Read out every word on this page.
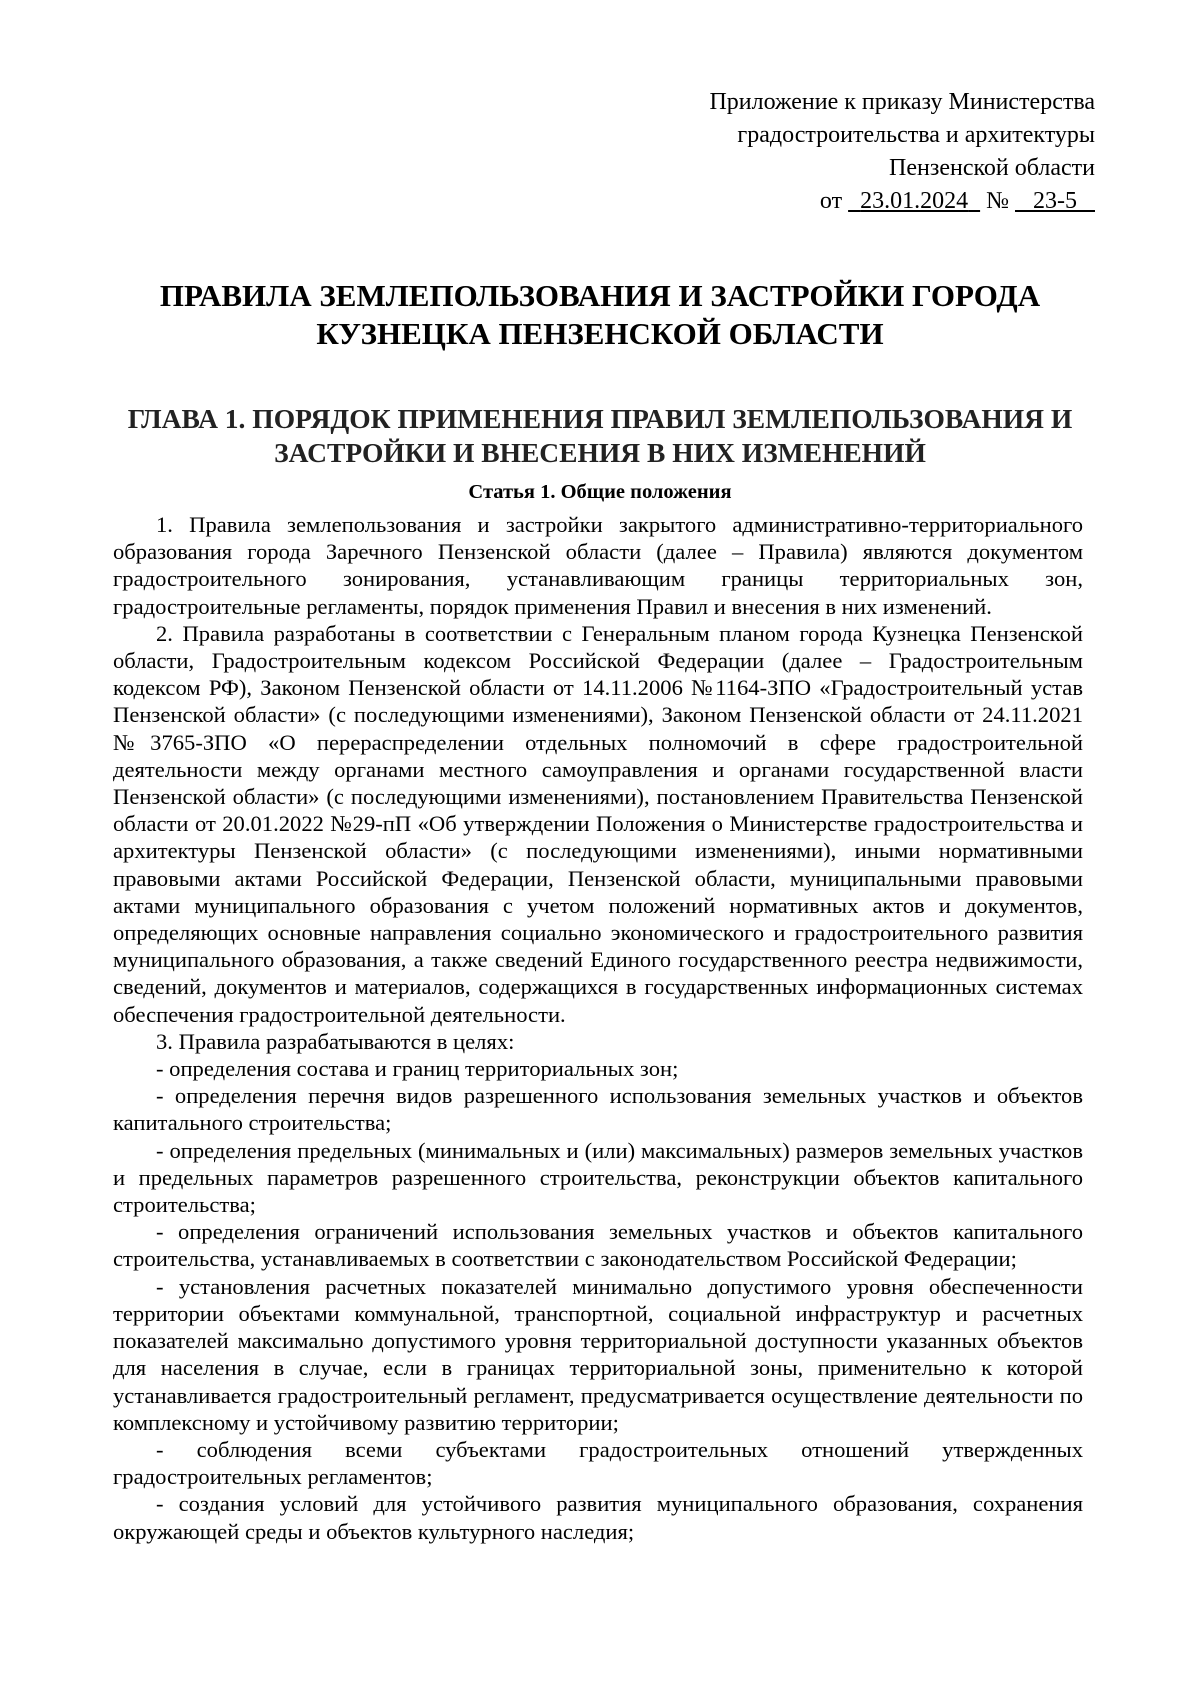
Приложение к приказу Министерства
градостроительства и архитектуры
Пензенской области
от 23.01.2024 № 23-5
ПРАВИЛА ЗЕМЛЕПОЛЬЗОВАНИЯ И ЗАСТРОЙКИ ГОРОДА
КУЗНЕЦКА ПЕНЗЕНСКОЙ ОБЛАСТИ
ГЛАВА 1. ПОРЯДОК ПРИМЕНЕНИЯ ПРАВИЛ ЗЕМЛЕПОЛЬЗОВАНИЯ И
ЗАСТРОЙКИ И ВНЕСЕНИЯ В НИХ ИЗМЕНЕНИЙ
Статья 1. Общие положения

1. Правила землепользования и застройки закрытого административно-территориального образования города Заречного Пензенской области (далее – Правила) являются документом градостроительного зонирования, устанавливающим границы территориальных зон, градостроительные регламенты, порядок применения Правил и внесения в них изменений.

2. Правила разработаны в соответствии с Генеральным планом города Кузнецка Пензенской области, Градостроительным кодексом Российской Федерации (далее – Градостроительным кодексом РФ), Законом Пензенской области от 14.11.2006 №1164-ЗПО «Градостроительный устав Пензенской области» (с последующими изменениями), Законом Пензенской области от 24.11.2021 №3765-ЗПО «О перераспределении отдельных полномочий в сфере градостроительной деятельности между органами местного самоуправления и органами государственной власти Пензенской области» (с последующими изменениями), постановлением Правительства Пензенской области от 20.01.2022 №29-пП «Об утверждении Положения о Министерстве градостроительства и архитектуры Пензенской области» (с последующими изменениями), иными нормативными правовыми актами Российской Федерации, Пензенской области, муниципальными правовыми актами муниципального образования с учетом положений нормативных актов и документов, определяющих основные направления социально экономического и градостроительного развития муниципального образования, а также сведений Единого государственного реестра недвижимости, сведений, документов и материалов, содержащихся в государственных информационных системах обеспечения градостроительной деятельности.

3. Правила разрабатываются в целях:

- определения состава и границ территориальных зон;

- определения перечня видов разрешенного использования земельных участков и объектов капитального строительства;

- определения предельных (минимальных и (или) максимальных) размеров земельных участков и предельных параметров разрешенного строительства, реконструкции объектов капитального строительства;

- определения ограничений использования земельных участков и объектов капитального строительства, устанавливаемых в соответствии с законодательством Российской Федерации;

- установления расчетных показателей минимально допустимого уровня обеспеченности территории объектами коммунальной, транспортной, социальной инфраструктур и расчетных показателей максимально допустимого уровня территориальной доступности указанных объектов для населения в случае, если в границах территориальной зоны, применительно к которой устанавливается градостроительный регламент, предусматривается осуществление деятельности по комплексному и устойчивому развитию территории;

- соблюдения всеми субъектами градостроительных отношений утвержденных градостроительных регламентов;

- создания условий для устойчивого развития муниципального образования, сохранения окружающей среды и объектов культурного наследия;
